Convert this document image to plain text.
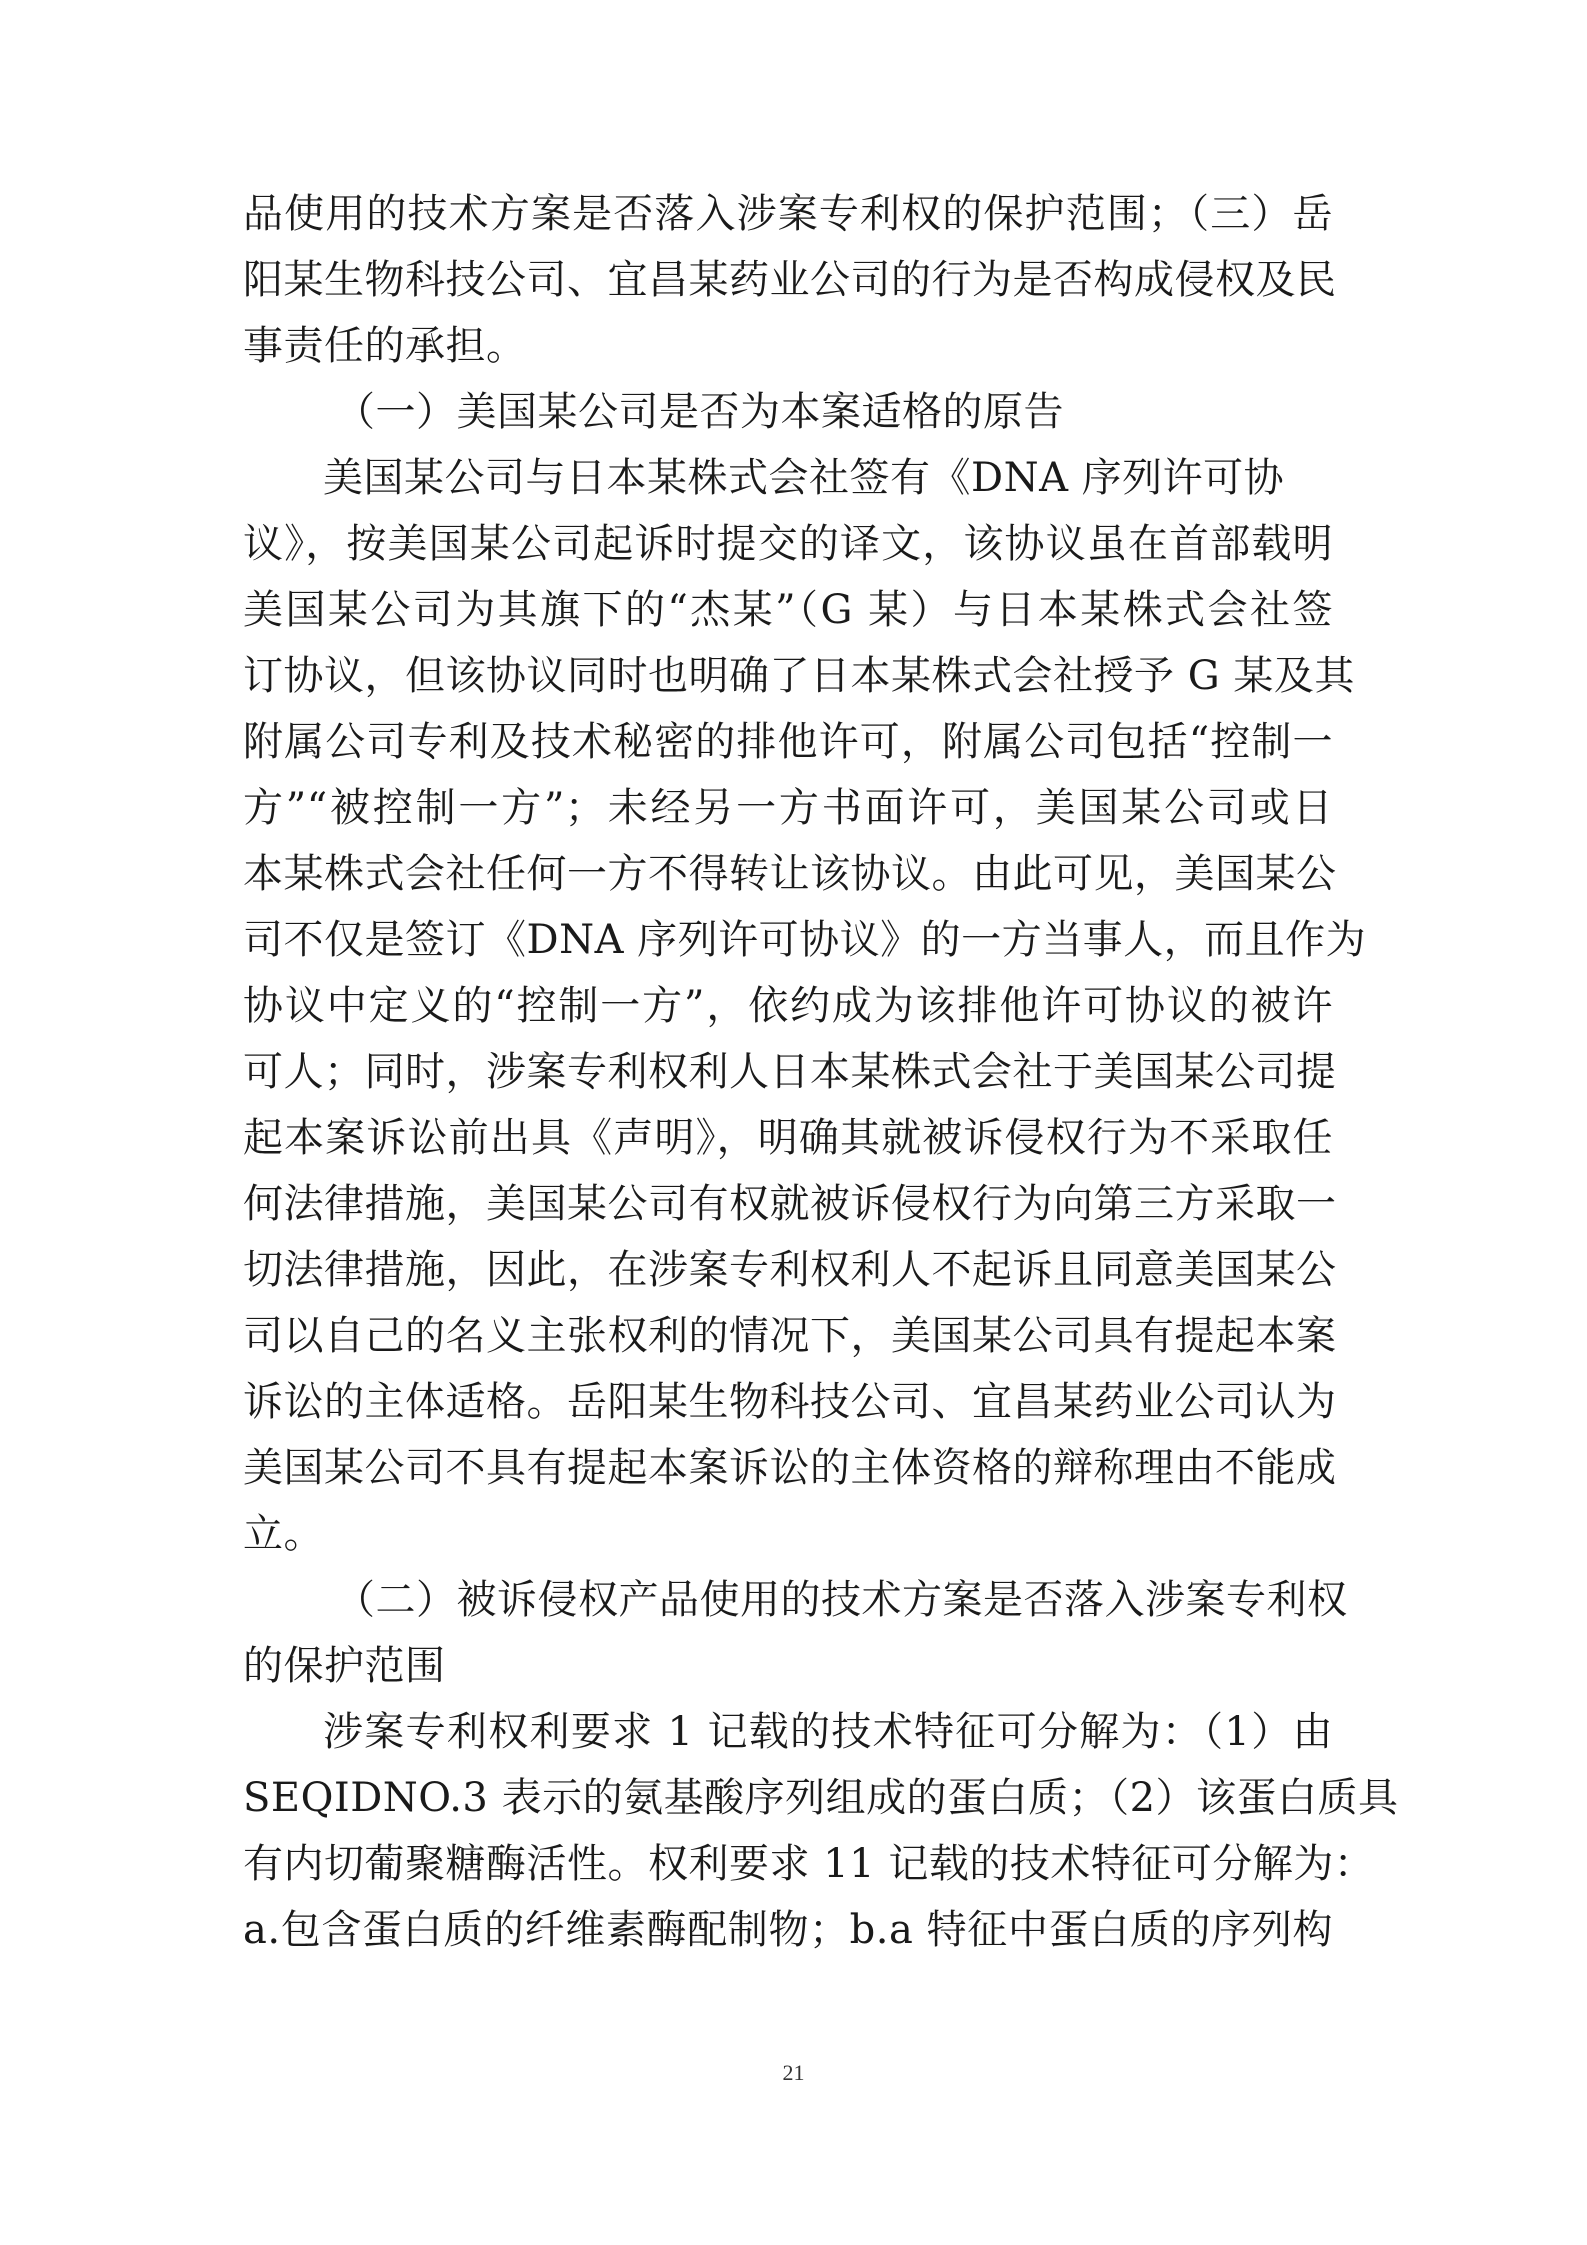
品使用的技术方案是否落入涉案专利权的保护范围；（三）岳
阳某生物科技公司、宜昌某药业公司的行为是否构成侵权及民
事责任的承担。
（一）美国某公司是否为本案适格的原告
美国某公司与日本某株式会社签有《DNA 序列许可协
议》，按美国某公司起诉时提交的译文，该协议虽在首部载明
美国某公司为其旗下的“杰某”（G 某）与日本某株式会社签
订协议，但该协议同时也明确了日本某株式会社授予 G 某及其
附属公司专利及技术秘密的排他许可，附属公司包括“控制一
方”“被控制一方”；未经另一方书面许可，美国某公司或日
本某株式会社任何一方不得转让该协议。由此可见，美国某公
司不仅是签订《DNA 序列许可协议》的一方当事人，而且作为
协议中定义的“控制一方”，依约成为该排他许可协议的被许
可人；同时，涉案专利权利人日本某株式会社于美国某公司提
起本案诉讼前出具《声明》，明确其就被诉侵权行为不采取任
何法律措施，美国某公司有权就被诉侵权行为向第三方采取一
切法律措施，因此，在涉案专利权利人不起诉且同意美国某公
司以自己的名义主张权利的情况下，美国某公司具有提起本案
诉讼的主体适格。岳阳某生物科技公司、宜昌某药业公司认为
美国某公司不具有提起本案诉讼的主体资格的辩称理由不能成
立。
（二）被诉侵权产品使用的技术方案是否落入涉案专利权
的保护范围
涉案专利权利要求 1 记载的技术特征可分解为：（1）由
SEQIDNO.3 表示的氨基酸序列组成的蛋白质；（2）该蛋白质具
有内切葡聚糖酶活性。权利要求 11 记载的技术特征可分解为：
a.包含蛋白质的纤维素酶配制物；b.a 特征中蛋白质的序列构
21
